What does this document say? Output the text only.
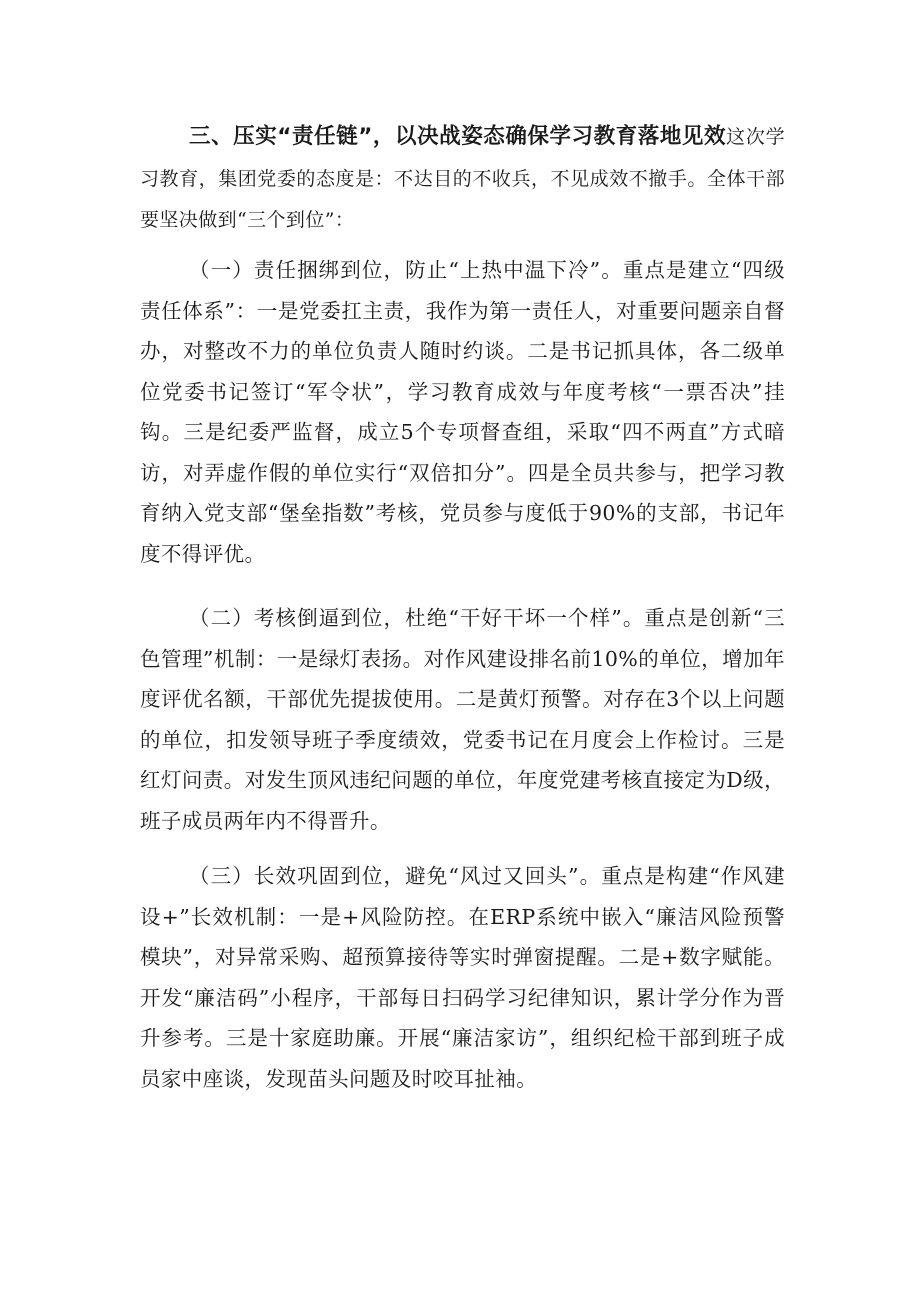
三、压实“责任链”，以决战姿态确保学习教育落地见效这次学习教育，集团党委的态度是：不达目的不收兵，不见成效不撤手。全体干部要坚决做到“三个到位”：

（一）责任捆绑到位，防止“上热中温下冷”。重点是建立“四级责任体系”：一是党委扛主责，我作为第一责任人，对重要问题亲自督办，对整改不力的单位负责人随时约谈。二是书记抓具体，各二级单位党委书记签订“军令状”，学习教育成效与年度考核“一票否决”挂钩。三是纪委严监督，成立5个专项督查组，采取“四不两直”方式暗访，对弄虚作假的单位实行“双倍扣分”。四是全员共参与，把学习教育纳入党支部“堡垒指数”考核，党员参与度低于90%的支部，书记年度不得评优。

（二）考核倒逼到位，杜绝“干好干坏一个样”。重点是创新“三色管理”机制：一是绿灯表扬。对作风建设排名前10%的单位，增加年度评优名额，干部优先提拔使用。二是黄灯预警。对存在3个以上问题的单位，扣发领导班子季度绩效，党委书记在月度会上作检讨。三是红灯问责。对发生顶风违纪问题的单位，年度党建考核直接定为D级，班子成员两年内不得晋升。

（三）长效巩固到位，避免“风过又回头”。重点是构建“作风建设+”长效机制：一是+风险防控。在ERP系统中嵌入“廉洁风险预警模块”，对异常采购、超预算接待等实时弹窗提醒。二是+数字赋能。开发“廉洁码”小程序，干部每日扫码学习纪律知识，累计学分作为晋升参考。三是十家庭助廉。开展“廉洁家访”，组织纪检干部到班子成员家中座谈，发现苗头问题及时咬耳扯袖。
